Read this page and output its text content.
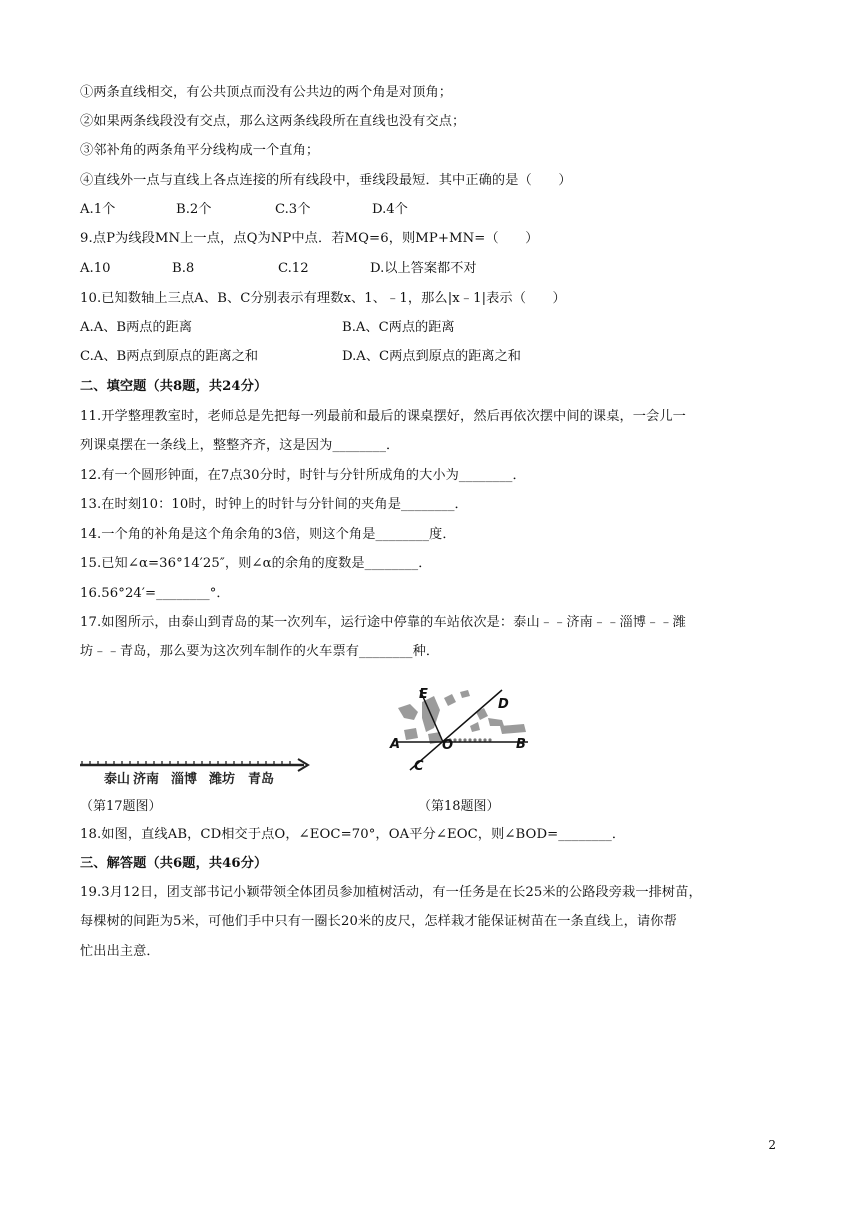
①两条直线相交，有公共顶点而没有公共边的两个角是对顶角；
②如果两条线段没有交点，那么这两条线段所在直线也没有交点；
③邻补角的两条角平分线构成一个直角；
④直线外一点与直线上各点连接的所有线段中，垂线段最短．其中正确的是（　　）
A.1个	B.2个	C.3个	D.4个
9.点P为线段MN上一点，点Q为NP中点．若MQ=6，则MP+MN=（　　）
A.10	B.8	C.12	D.以上答案都不对
10.已知数轴上三点A、B、C分别表示有理数x、1、﹣1，那么|x﹣1|表示（　　）
A.A、B两点的距离	B.A、C两点的距离
C.A、B两点到原点的距离之和	D.A、C两点到原点的距离之和
二、填空题（共8题，共24分）
11.开学整理教室时，老师总是先把每一列最前和最后的课桌摆好，然后再依次摆中间的课桌，一会儿一
列课桌摆在一条线上，整整齐齐，这是因为________．
12.有一个圆形钟面，在7点30分时，时针与分针所成角的大小为________．
13.在时刻10：10时，时钟上的时针与分针间的夹角是________．
14.一个角的补角是这个角余角的3倍，则这个角是________度．
15.已知∠α=36°14′25″，则∠α的余角的度数是________．
16.56°24′=________°．
17.如图所示，由泰山到青岛的某一次列车，运行途中停靠的车站依次是：泰山﹣﹣济南﹣﹣淄博﹣﹣潍
坊﹣﹣青岛，那么要为这次列车制作的火车票有________种．
泰山 济南 淄博 潍坊 青岛
（第17题图）
E
D
A	O	B
C
（第18题图）
18.如图，直线AB，CD相交于点O，∠EOC=70°，OA平分∠EOC，则∠BOD=________．
三、解答题（共6题，共46分）
19.3月12日，团支部书记小颖带领全体团员参加植树活动，有一任务是在长25米的公路段旁栽一排树苗，
每棵树的间距为5米，可他们手中只有一圈长20米的皮尺，怎样栽才能保证树苗在一条直线上，请你帮
忙出出主意．
2
